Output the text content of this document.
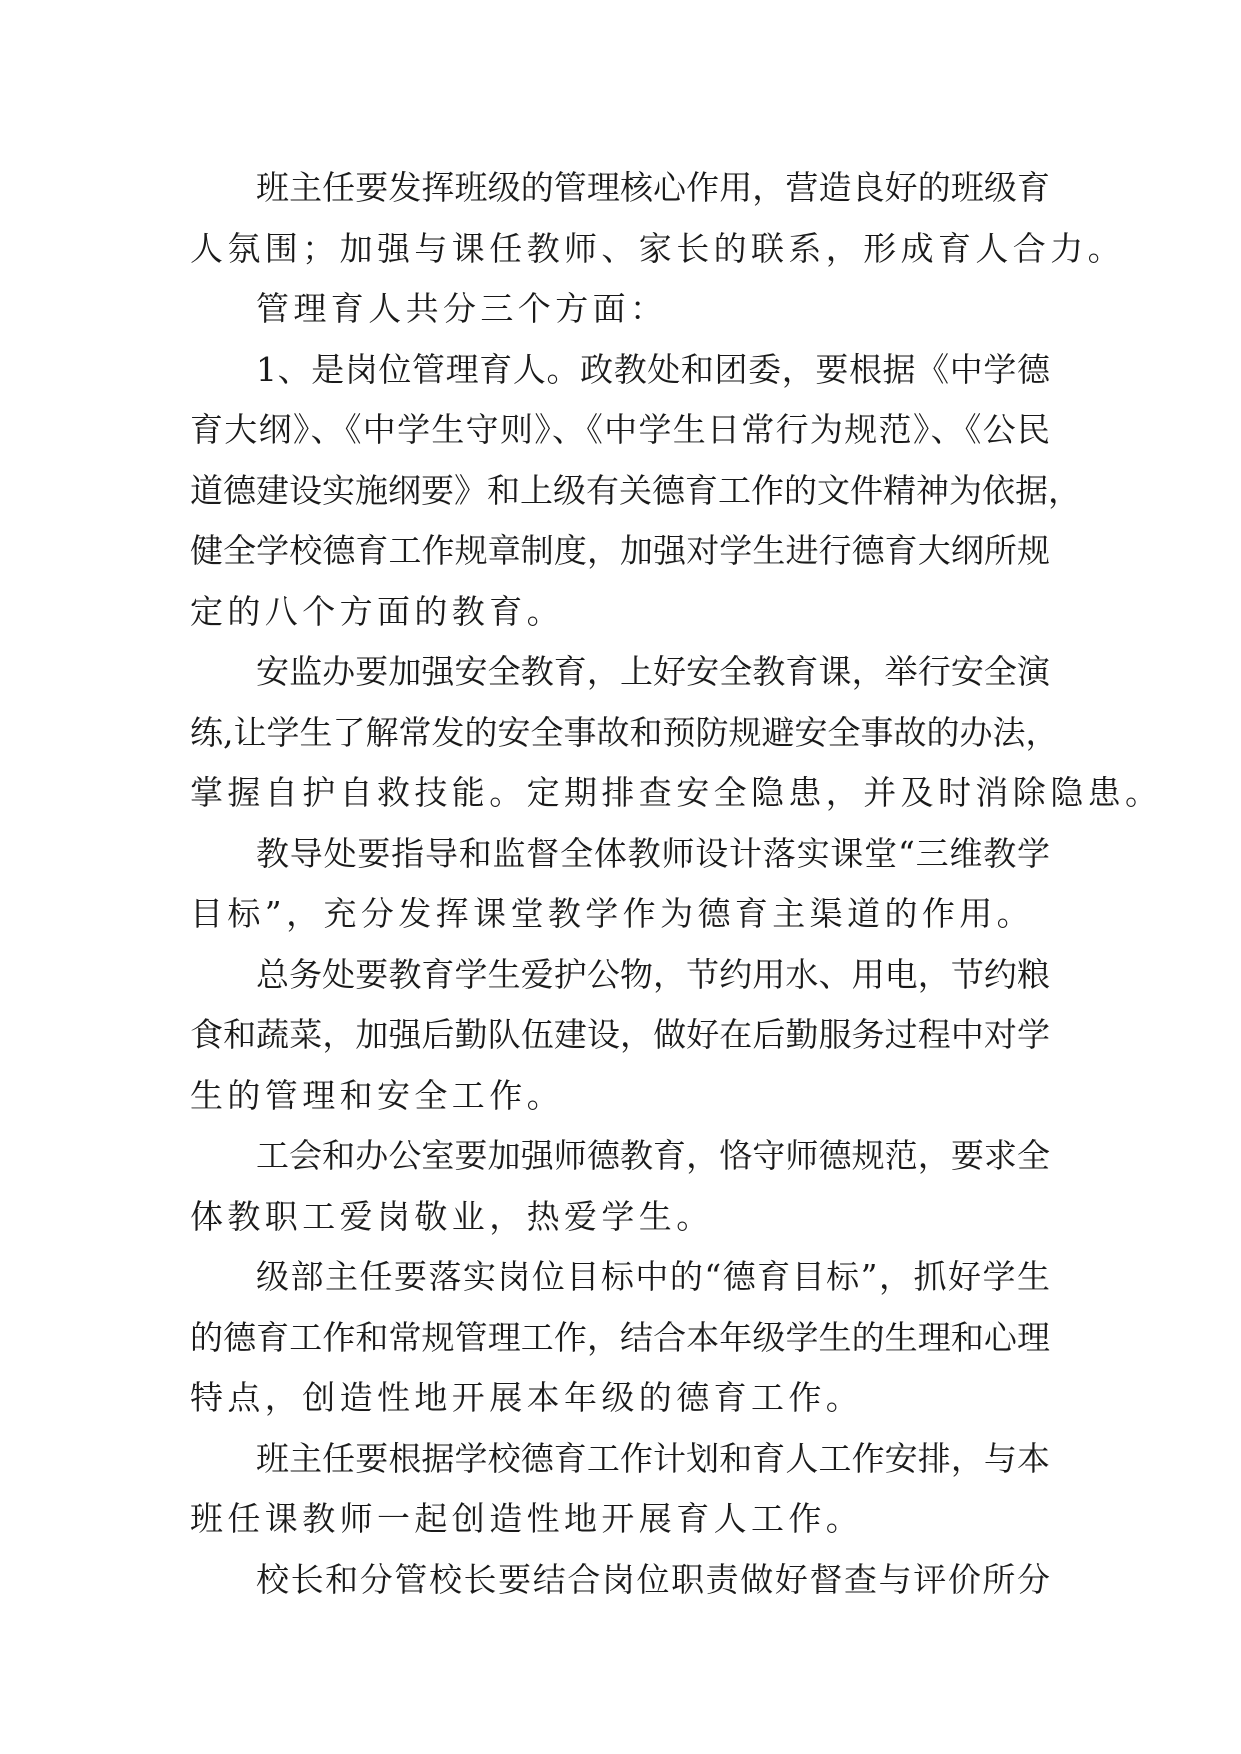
班主任要发挥班级的管理核心作用，营造良好的班级育
人氛围；加强与课任教师、家长的联系，形成育人合力。
管理育人共分三个方面：
1、是岗位管理育人。政教处和团委，要根据《中学德
育大纲》、《中学生守则》、《中学生日常行为规范》、《公民
道德建设实施纲要》和上级有关德育工作的文件精神为依据，
健全学校德育工作规章制度，加强对学生进行德育大纲所规
定的八个方面的教育。
安监办要加强安全教育，上好安全教育课，举行安全演
练,让学生了解常发的安全事故和预防规避安全事故的办法，
掌握自护自救技能。定期排查安全隐患，并及时消除隐患。
教导处要指导和监督全体教师设计落实课堂“三维教学
目标”，充分发挥课堂教学作为德育主渠道的作用。
总务处要教育学生爱护公物，节约用水、用电，节约粮
食和蔬菜，加强后勤队伍建设，做好在后勤服务过程中对学
生的管理和安全工作。
工会和办公室要加强师德教育，恪守师德规范，要求全
体教职工爱岗敬业，热爱学生。
级部主任要落实岗位目标中的“德育目标”，抓好学生
的德育工作和常规管理工作，结合本年级学生的生理和心理
特点，创造性地开展本年级的德育工作。
班主任要根据学校德育工作计划和育人工作安排，与本
班任课教师一起创造性地开展育人工作。
校长和分管校长要结合岗位职责做好督查与评价所分
